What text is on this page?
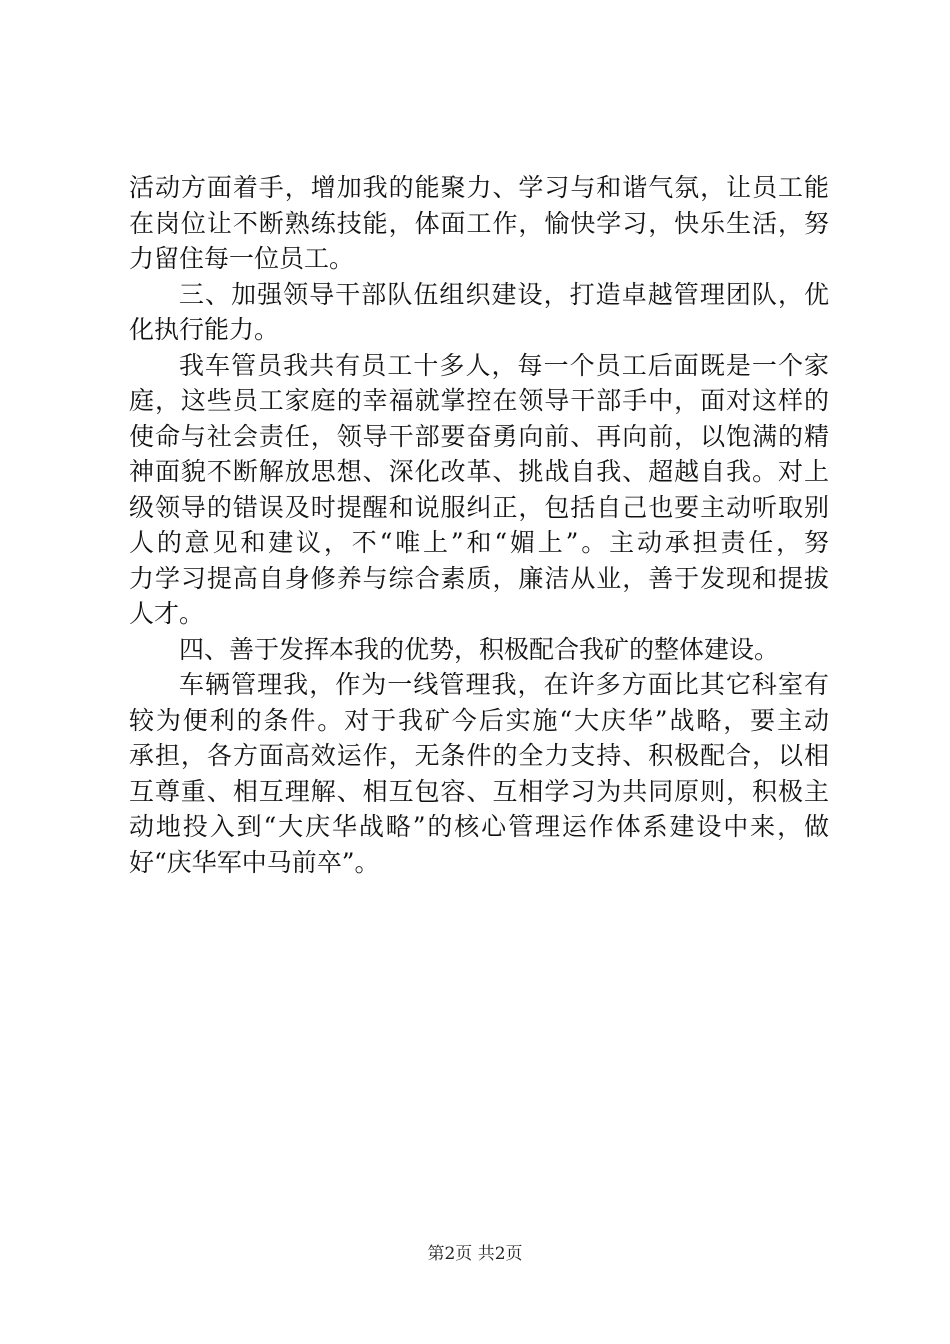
活动方面着手，增加我的能聚力、学习与和谐气氛，让员工能
在岗位让不断熟练技能，体面工作，愉快学习，快乐生活，努
力留住每一位员工。
三、加强领导干部队伍组织建设，打造卓越管理团队，优
化执行能力。
我车管员我共有员工十多人，每一个员工后面既是一个家
庭，这些员工家庭的幸福就掌控在领导干部手中，面对这样的
使命与社会责任，领导干部要奋勇向前、再向前，以饱满的精
神面貌不断解放思想、深化改革、挑战自我、超越自我。对上
级领导的错误及时提醒和说服纠正，包括自己也要主动听取别
人的意见和建议，不“唯上”和“媚上”。主动承担责任，努
力学习提高自身修养与综合素质，廉洁从业，善于发现和提拔
人才。
四、善于发挥本我的优势，积极配合我矿的整体建设。
车辆管理我，作为一线管理我，在许多方面比其它科室有
较为便利的条件。对于我矿今后实施“大庆华”战略，要主动
承担，各方面高效运作，无条件的全力支持、积极配合，以相
互尊重、相互理解、相互包容、互相学习为共同原则，积极主
动地投入到“大庆华战略”的核心管理运作体系建设中来，做
好“庆华军中马前卒”。
第2页 共2页
